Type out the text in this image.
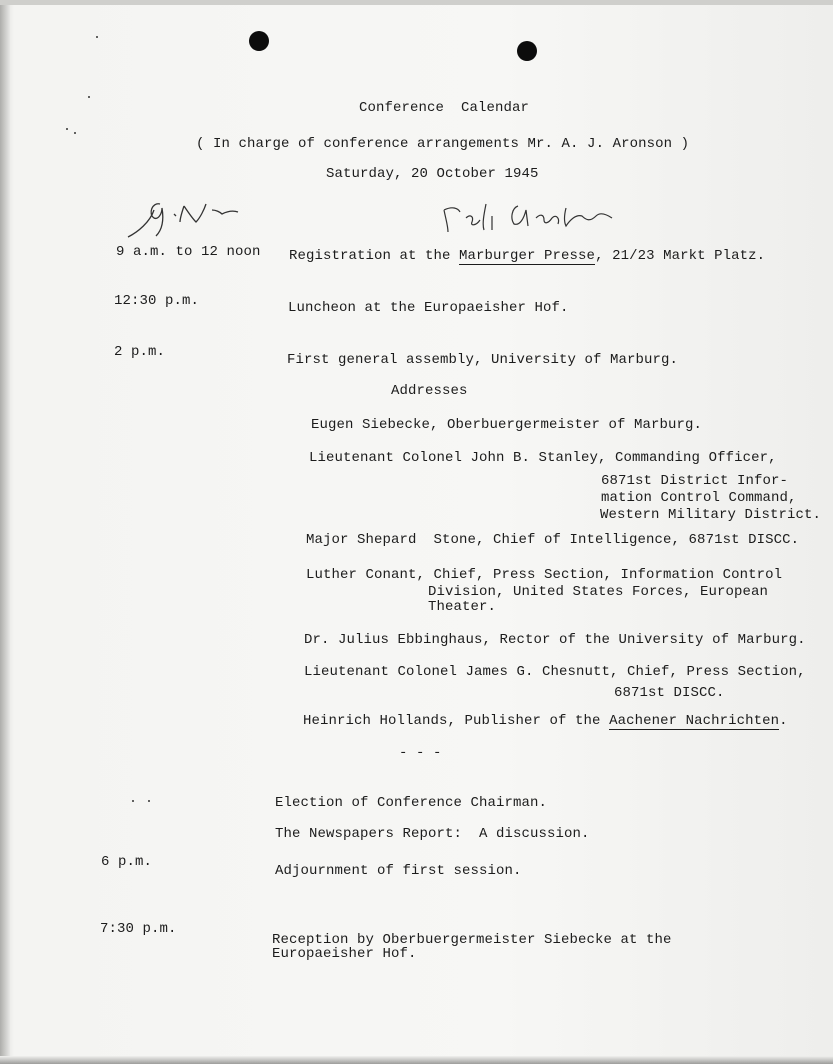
Conference  Calendar
( In charge of conference arrangements Mr. A. J. Aronson )
Saturday, 20 October 1945
9 a.m. to 12 noon Registration at the Marburger Presse, 21/23 Markt Platz.
12:30 p.m.	Luncheon at the Europaeisher Hof.
2 p.m.	First general assembly, University of Marburg.
Addresses
Eugen Siebecke, Oberbuergermeister of Marburg.
Lieutenant Colonel John B. Stanley, Commanding Officer,
6871st District Infor-
mation Control Command,
Western Military District.
Major Shepard  Stone, Chief of Intelligence, 6871st DISCC.
Luther Conant, Chief, Press Section, Information Control
Division, United States Forces, European
Theater.
Dr. Julius Ebbinghaus, Rector of the University of Marburg.
Lieutenant Colonel James G. Chesnutt, Chief, Press Section,
6871st DISCC.
Heinrich Hollands, Publisher of the Aachener Nachrichten.
- - -
Election of Conference Chairman.
The Newspapers Report:  A discussion.
6 p.m.
Adjournment of first session.
7:30 p.m.
Reception by Oberbuergermeister Siebecke at the
Europaeisher Hof.
